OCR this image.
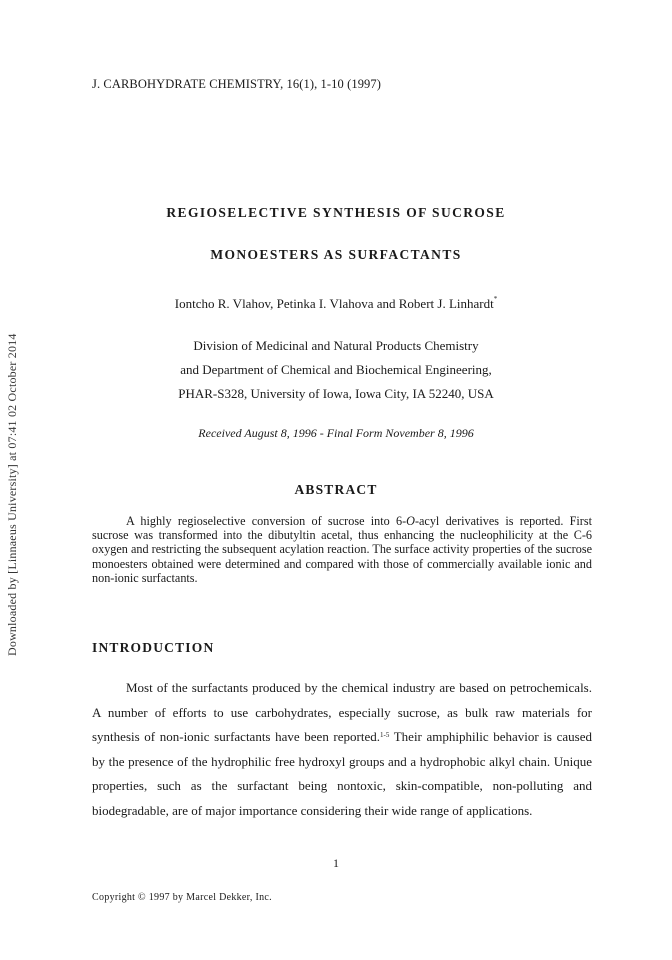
J. CARBOHYDRATE CHEMISTRY, 16(1), 1-10 (1997)
Downloaded by [Linnaeus University] at 07:41 02 October 2014
REGIOSELECTIVE SYNTHESIS OF SUCROSE
MONOESTERS AS SURFACTANTS
Iontcho R. Vlahov, Petinka I. Vlahova and Robert J. Linhardt*
Division of Medicinal and Natural Products Chemistry
and Department of Chemical and Biochemical Engineering,
PHAR-S328, University of Iowa, Iowa City, IA 52240, USA
Received August 8, 1996 - Final Form November 8, 1996
ABSTRACT

A highly regioselective conversion of sucrose into 6-O-acyl derivatives is reported. First sucrose was transformed into the dibutyltin acetal, thus enhancing the nucleophilicity at the C-6 oxygen and restricting the subsequent acylation reaction. The surface activity properties of the sucrose monoesters obtained were determined and compared with those of commercially available ionic and non-ionic surfactants.

INTRODUCTION

Most of the surfactants produced by the chemical industry are based on petrochemicals. A number of efforts to use carbohydrates, especially sucrose, as bulk raw materials for synthesis of non-ionic surfactants have been reported.$^{1-5}$ Their amphiphilic behavior is caused by the presence of the hydrophilic free hydroxyl groups and a hydrophobic alkyl chain. Unique properties, such as the surfactant being nontoxic, skin-compatible, non-polluting and biodegradable, are of major importance considering their wide range of applications.

1
Copyright © 1997 by Marcel Dekker, Inc.
